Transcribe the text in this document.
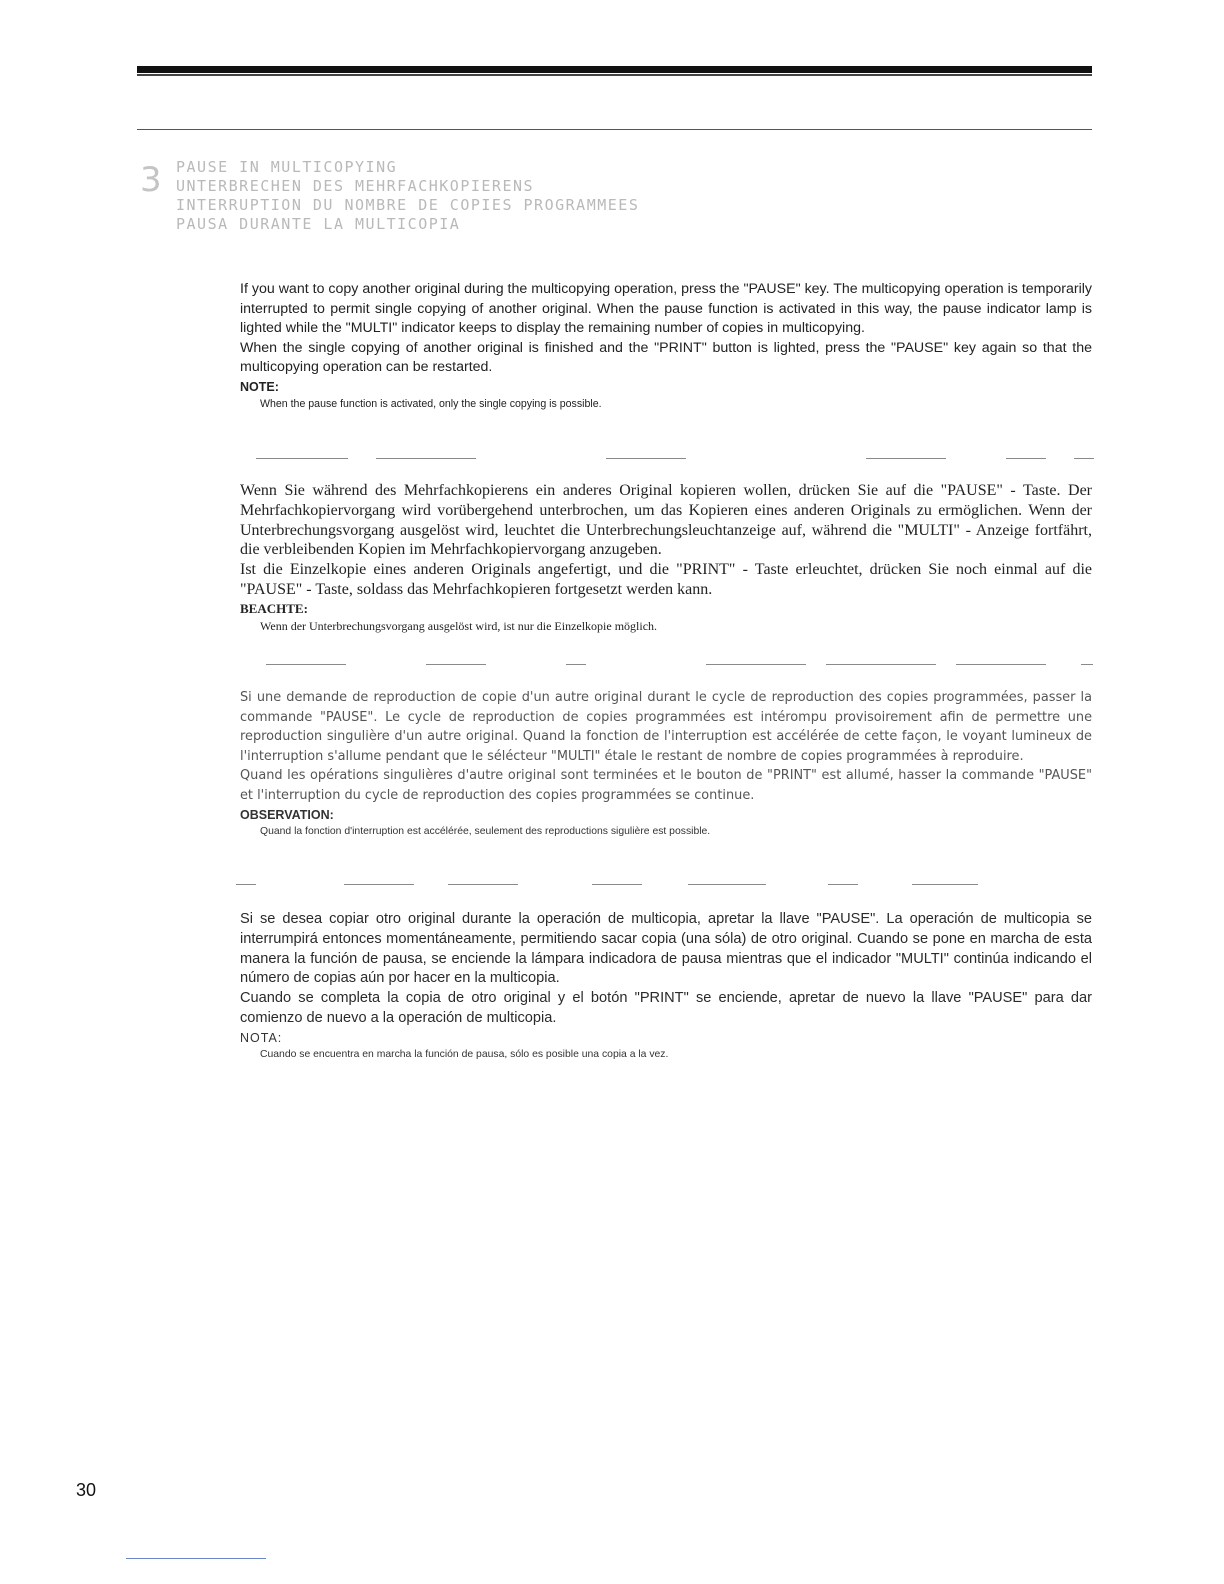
3 PAUSE IN MULTICOPYING
UNTERBRECHEN DES MEHRFACHKOPIERENS
INTERRUPTION DU NOMBRE DE COPIES PROGRAMMEES
PAUSA DURANTE LA MULTICOPIA

If you want to copy another original during the multicopying operation, press the "PAUSE" key. The multicopying operation is temporarily interrupted to permit single copying of another original. When the pause function is activated in this way, the pause indicator lamp is lighted while the "MULTI" indicator keeps to display the remaining number of copies in multicopying.

When the single copying of another original is finished and the "PRINT" button is lighted, press the "PAUSE" key again so that the multicopying operation can be restarted.

NOTE:

When the pause function is activated, only the single copying is possible.

Wenn Sie während des Mehrfachkopierens ein anderes Original kopieren wollen, drücken Sie auf die "PAUSE" - Taste. Der Mehrfachkopiervorgang wird vorübergehend unterbrochen, um das Kopieren eines anderen Originals zu ermöglichen. Wenn der Unterbrechungsvorgang ausgelöst wird, leuchtet die Unterbrechungsleuchtanzeige auf, während die "MULTI" - Anzeige fortfährt, die verbleibenden Kopien im Mehrfachkopiervorgang anzugeben.

Ist die Einzelkopie eines anderen Originals angefertigt, und die "PRINT" - Taste erleuchtet, drücken Sie noch einmal auf die "PAUSE" - Taste, soldass das Mehrfachkopieren fortgesetzt werden kann.

BEACHTE:

Wenn der Unterbrechungsvorgang ausgelöst wird, ist nur die Einzelkopie möglich.

Si une demande de reproduction de copie d'un autre original durant le cycle de reproduction des copies programmées, passer la commande "PAUSE". Le cycle de reproduction de copies programmées est intérompu provisoirement afin de permettre une reproduction singulière d'un autre original. Quand la fonction de l'interruption est accélérée de cette façon, le voyant lumineux de l'interruption s'allume pendant que le sélécteur "MULTI" étale le restant de nombre de copies programmées à reproduire.

Quand les opérations singulières d'autre original sont terminées et le bouton de "PRINT" est allumé, hasser la commande "PAUSE" et l'interruption du cycle de reproduction des copies programmées se continue.

OBSERVATION:

Quand la fonction d'interruption est accélérée, seulement des reproductions sigulière est possible.

Si se desea copiar otro original durante la operación de multicopia, apretar la llave "PAUSE". La operación de multicopia se interrumpirá entonces momentáneamente, permitiendo sacar copia (una sóla) de otro original. Cuando se pone en marcha de esta manera la función de pausa, se enciende la lámpara indicadora de pausa mientras que el indicador "MULTI" continúa indicando el número de copias aún por hacer en la multicopia.

Cuando se completa la copia de otro original y el botón "PRINT" se enciende, apretar de nuevo la llave "PAUSE" para dar comienzo de nuevo a la operación de multicopia.

NOTA:

Cuando se encuentra en marcha la función de pausa, sólo es posible una copia a la vez.

30
